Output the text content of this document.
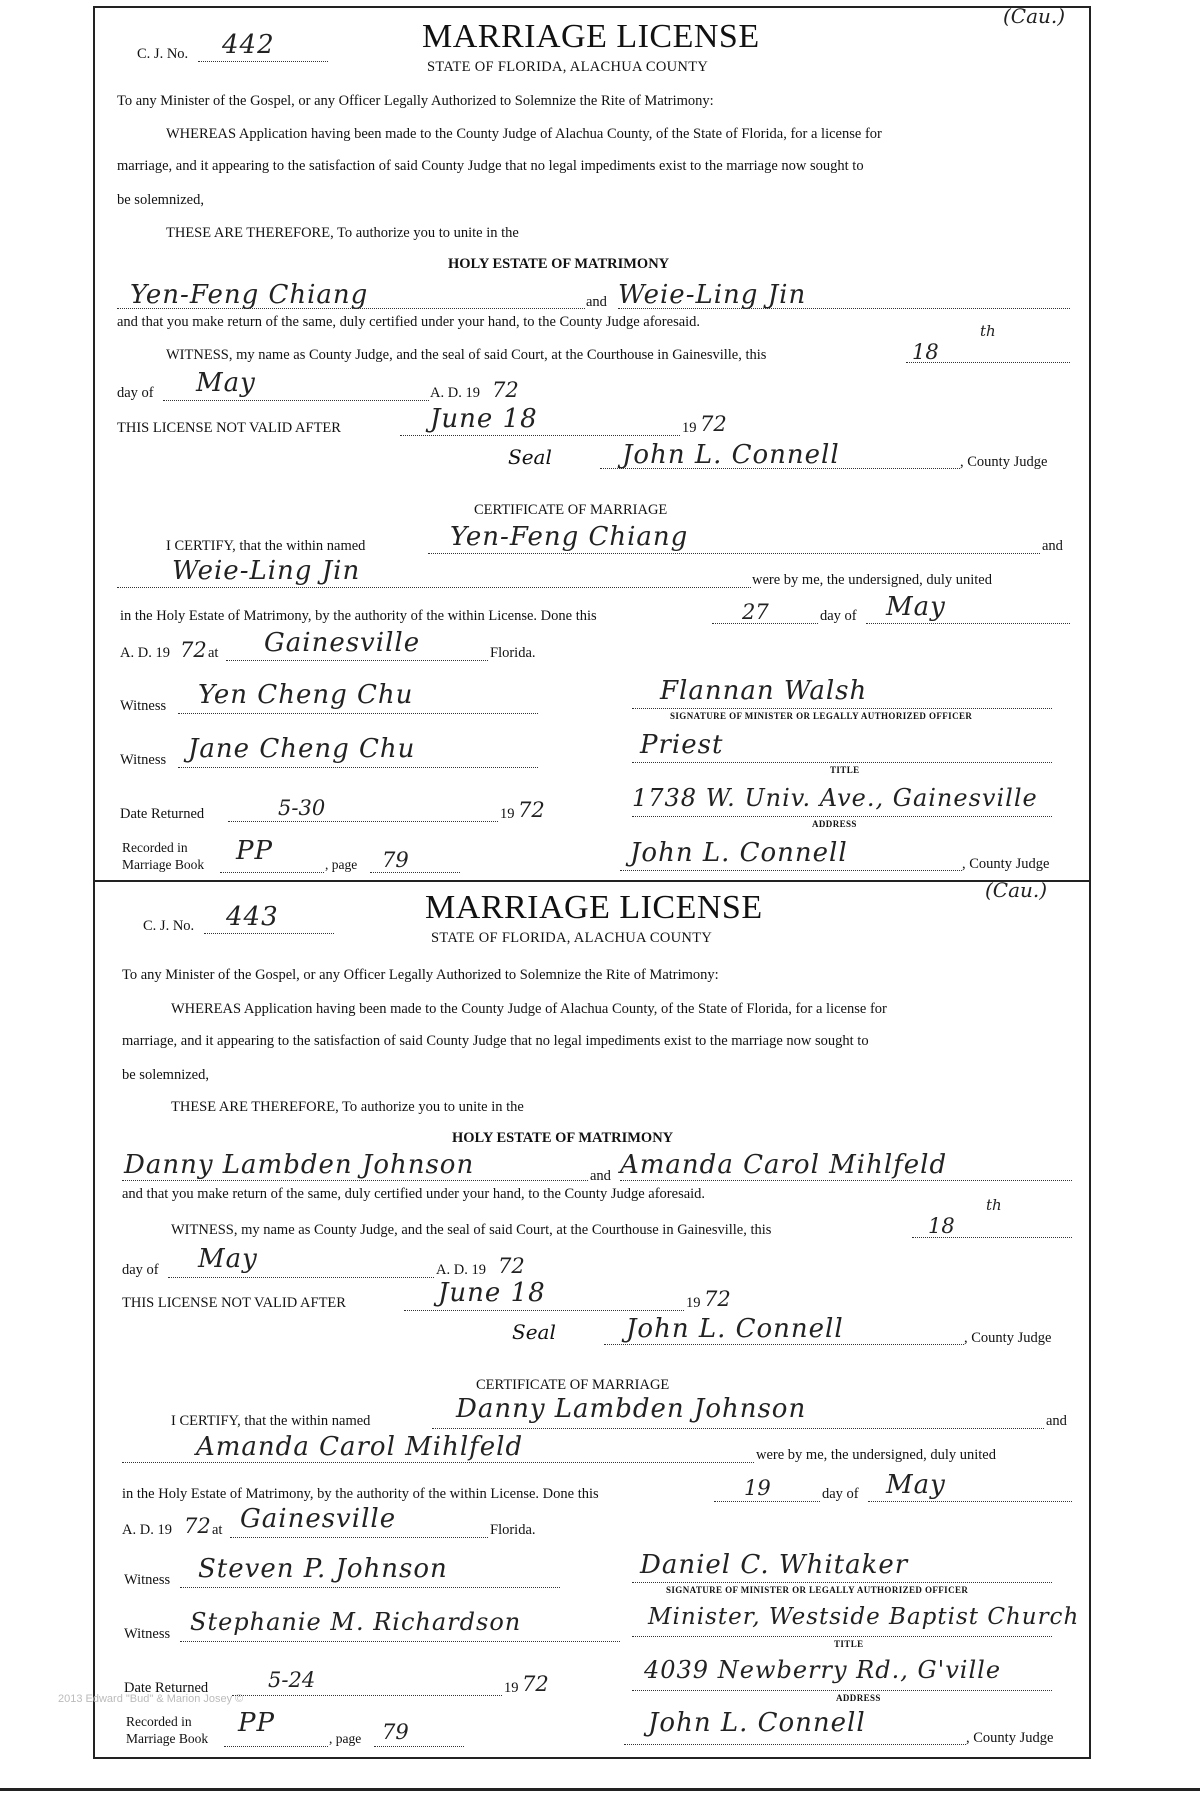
2013 Edward "Bud" & Marion Josey ©
(Cau.)
C. J. No. 442	MARRIAGE LICENSE
STATE OF FLORIDA, ALACHUA COUNTY
To any Minister of the Gospel, or any Officer Legally Authorized to Solemnize the Rite of Matrimony:
WHEREAS Application having been made to the County Judge of Alachua County, of the State of Florida, for a license for
marriage, and it appearing to the satisfaction of said County Judge that no legal impediments exist to the marriage now sought to
be solemnized,
THESE ARE THEREFORE, To authorize you to unite in the
HOLY ESTATE OF MATRIMONY
Yen-Feng Chiang	and Weie-Ling Jin
and that you make return of the same, duly certified under your hand, to the County Judge aforesaid.
WITNESS, my name as County Judge, and the seal of said Court, at the Courthouse in Gainesville, this	18
th
day of May	A. D. 19 72
THIS LICENSE NOT VALID AFTER	June 18	19 72
Seal	John L. Connell	, County Judge
CERTIFICATE OF MARRIAGE
I CERTIFY, that the within named	Yen-Feng Chiang	and
Weie-Ling Jin	were by me, the undersigned, duly united
in the Holy Estate of Matrimony, by the authority of the within License. Done this	27	day of May
A. D. 19 72 at Gainesville	Florida.
Witness Yen Cheng Chu	Flannan Walsh
SIGNATURE OF MINISTER OR LEGALLY AUTHORIZED OFFICER
Witness Jane Cheng Chu	Priest
TITLE
Date Returned	5-30	19 72	1738 W. Univ. Ave., Gainesville
ADDRESS
Recorded in
Marriage Book PP	, page 79	John L. Connell	, County Judge
(Cau.)
C. J. No. 443	MARRIAGE LICENSE
STATE OF FLORIDA, ALACHUA COUNTY
To any Minister of the Gospel, or any Officer Legally Authorized to Solemnize the Rite of Matrimony:
WHEREAS Application having been made to the County Judge of Alachua County, of the State of Florida, for a license for
marriage, and it appearing to the satisfaction of said County Judge that no legal impediments exist to the marriage now sought to
be solemnized,
THESE ARE THEREFORE, To authorize you to unite in the
HOLY ESTATE OF MATRIMONY
Danny Lambden Johnson	and Amanda Carol Mihlfeld
and that you make return of the same, duly certified under your hand, to the County Judge aforesaid.
WITNESS, my name as County Judge, and the seal of said Court, at the Courthouse in Gainesville, this	18
th
day of May	A. D. 19 72
THIS LICENSE NOT VALID AFTER	June 18	19 72
Seal	John L. Connell	, County Judge
CERTIFICATE OF MARRIAGE
I CERTIFY, that the within named	Danny Lambden Johnson	and
Amanda Carol Mihlfeld	were by me, the undersigned, duly united
in the Holy Estate of Matrimony, by the authority of the within License. Done this	19	day of May
A. D. 19 72 at Gainesville	Florida.
Witness Steven P. Johnson	Daniel C. Whitaker
SIGNATURE OF MINISTER OR LEGALLY AUTHORIZED OFFICER
Witness Stephanie M. Richardson	Minister, Westside Baptist Church
TITLE
Date Returned	5-24	19 72	4039 Newberry Rd., G'ville
ADDRESS
Recorded in
Marriage Book
PP
, page 79	John L. Connell	, County Judge
